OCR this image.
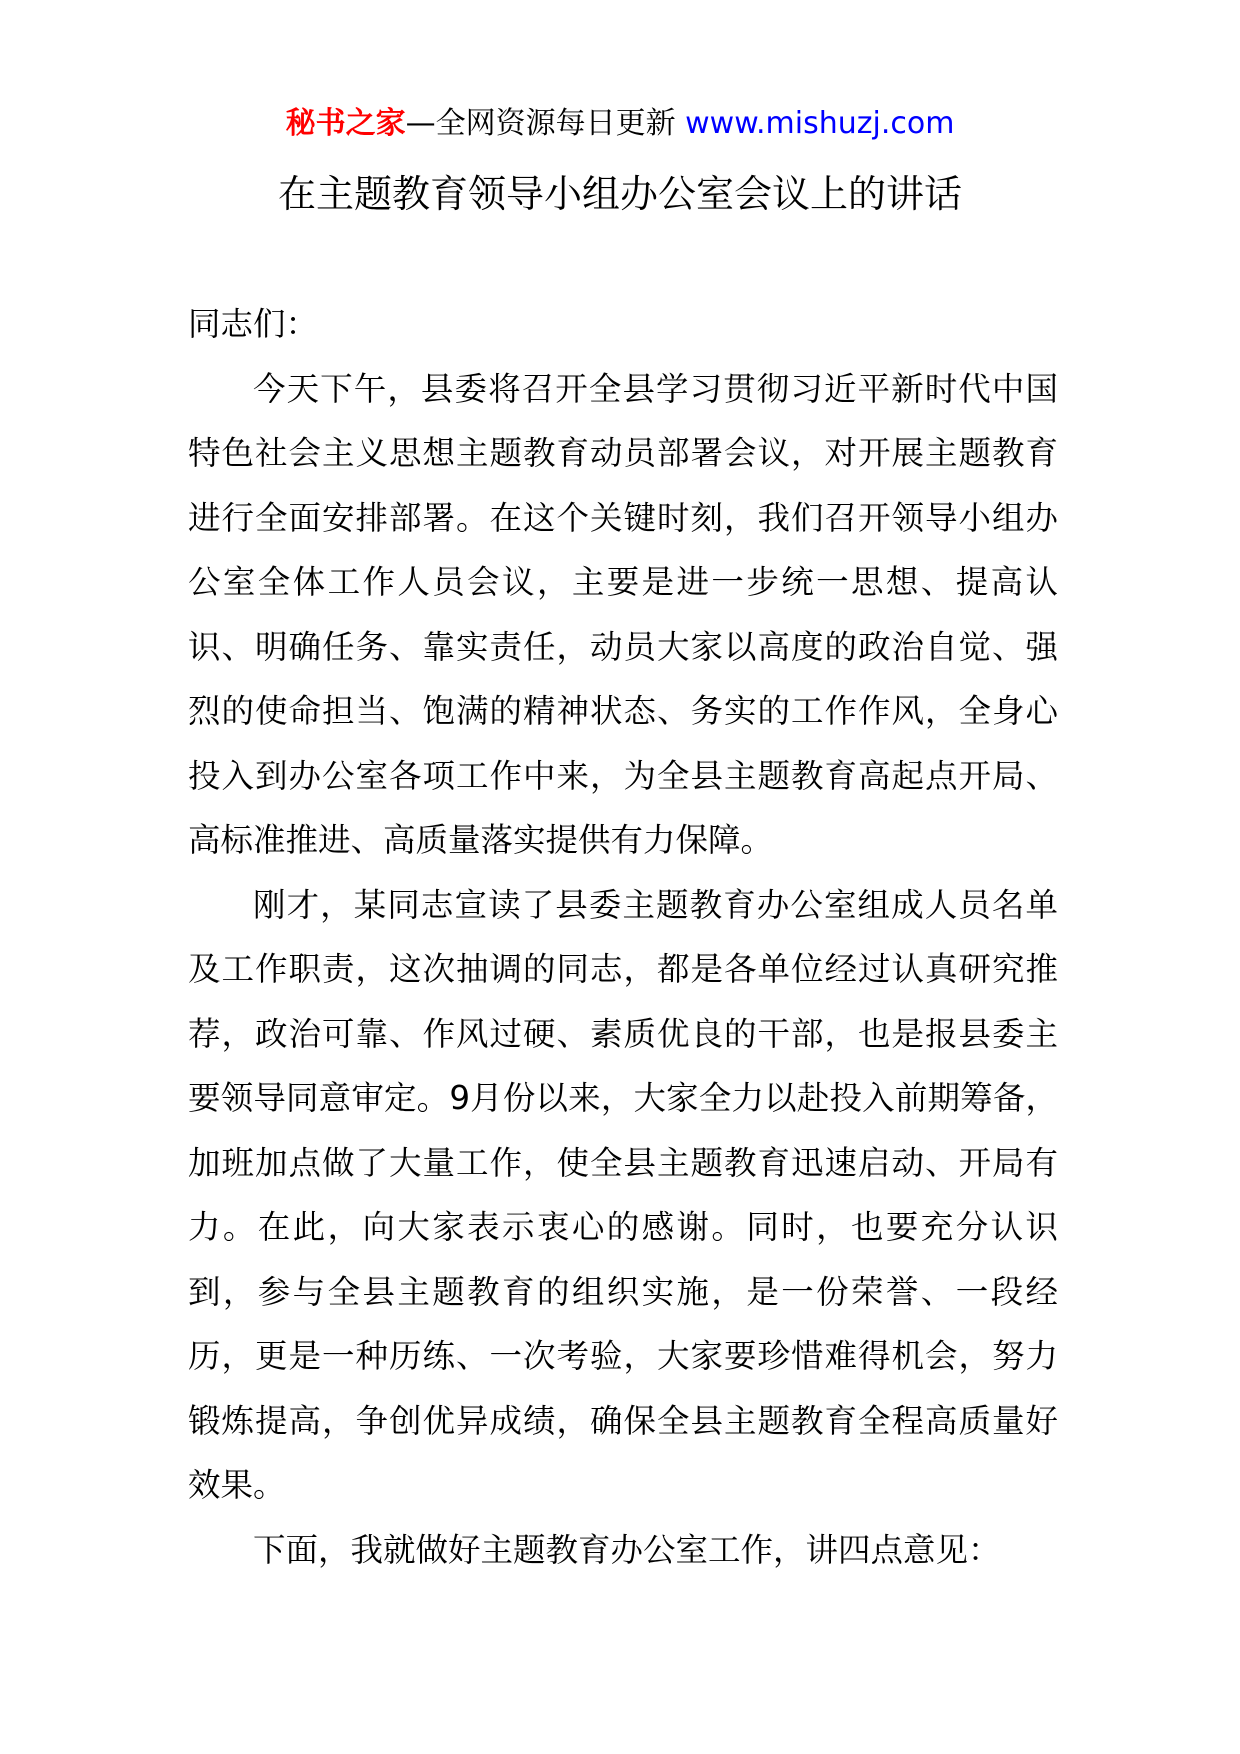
秘书之家—全网资源每日更新 www.mishuzj.com
在主题教育领导小组办公室会议上的讲话

同志们：

今天下午，县委将召开全县学习贯彻习近平新时代中国特色社会主义思想主题教育动员部署会议，对开展主题教育进行全面安排部署。在这个关键时刻，我们召开领导小组办公室全体工作人员会议，主要是进一步统一思想、提高认识、明确任务、靠实责任，动员大家以高度的政治自觉、强烈的使命担当、饱满的精神状态、务实的工作作风，全身心投入到办公室各项工作中来，为全县主题教育高起点开局、高标准推进、高质量落实提供有力保障。

刚才，某同志宣读了县委主题教育办公室组成人员名单及工作职责，这次抽调的同志，都是各单位经过认真研究推荐，政治可靠、作风过硬、素质优良的干部，也是报县委主要领导同意审定。9月份以来，大家全力以赴投入前期筹备，加班加点做了大量工作，使全县主题教育迅速启动、开局有力。在此，向大家表示衷心的感谢。同时，也要充分认识到，参与全县主题教育的组织实施，是一份荣誉、一段经历，更是一种历练、一次考验，大家要珍惜难得机会，努力锻炼提高，争创优异成绩，确保全县主题教育全程高质量好效果。

下面，我就做好主题教育办公室工作，讲四点意见：
